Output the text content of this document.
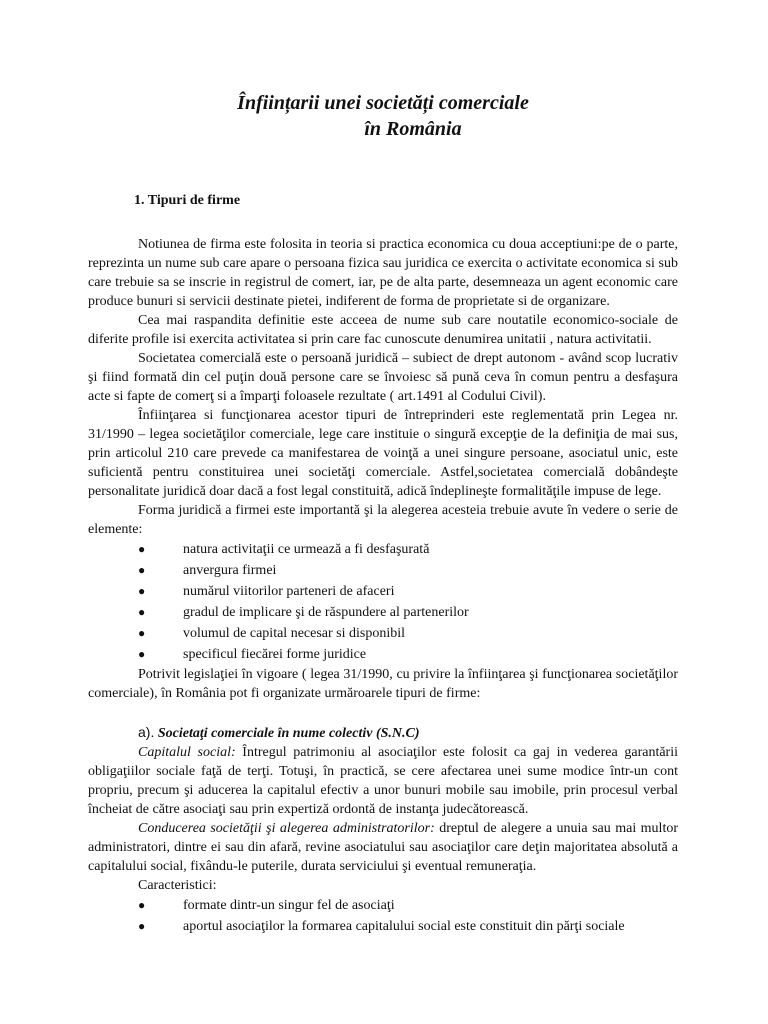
Înființarii unei societăți comerciale
în România
1. Tipuri de firme

Notiunea de firma este folosita in teoria si practica economica cu doua acceptiuni:pe de o parte, reprezinta un nume sub care apare o persoana fizica sau juridica ce exercita o activitate economica si sub care trebuie sa se inscrie in registrul de comert, iar, pe de alta parte, desemneaza un agent economic care produce bunuri si servicii destinate pietei, indiferent de forma de proprietate si de organizare.

Cea mai raspandita definitie este acceea de nume sub care noutatile economico-sociale de diferite profile isi exercita activitatea si prin care fac cunoscute denumirea unitatii , natura activitatii.

Societatea comercială este o persoană juridică – subiect de drept autonom - având scop lucrativ şi fiind formată din cel puţin două persone care se învoiesc să pună ceva în comun pentru a desfaşura acte si fapte de comerţ si a împarţi foloasele rezultate ( art.1491 al Codului Civil).

Înfiinţarea si funcţionarea acestor tipuri de întreprinderi este reglementată prin Legea nr. 31/1990 – legea societăţilor comerciale, lege care instituie o singură excepţie de la definiţia de mai sus, prin articolul 210 care prevede ca manifestarea de voinţă a unei singure persoane, asociatul unic, este suficientă pentru constituirea unei societăţi comerciale. Astfel,societatea comercială dobândeşte personalitate juridică doar dacă a fost legal constituită, adică îndeplineşte formalităţile impuse de lege.

Forma juridică a firmei este importantă şi la alegerea acesteia trebuie avute în vedere o serie de elemente:

●	natura activitaţii ce urmează a fi desfaşurată
●	anvergura firmei
●	numărul viitorilor parteneri de afaceri
●	gradul de implicare şi de răspundere al partenerilor
●	volumul de capital necesar si disponibil
●	specificul fiecărei forme juridice

Potrivit legislaţiei în vigoare ( legea 31/1990, cu privire la înfiinţarea şi funcţionarea societăţilor comerciale), în România pot fi organizate urmăroarele tipuri de firme:

a). Societaţi comerciale în nume colectiv (S.N.C)

Capitalul social: Întregul patrimoniu al asociaţilor este folosit ca gaj in vederea garantării obligaţiilor sociale faţă de terţi. Totuşi, în practică, se cere afectarea unei sume modice într-un cont propriu, precum şi aducerea la capitalul efectiv a unor bunuri mobile sau imobile, prin procesul verbal încheiat de către asociaţi sau prin expertiză ordontă de instanţa judecătorească.

Conducerea societăţii şi alegerea administratorilor: dreptul de alegere a unuia sau mai multor administratori, dintre ei sau din afară, revine asociatului sau asociaţilor care deţin majoritatea absolută a capitalului social, fixându-le puterile, durata serviciului şi eventual remuneraţia.

Caracteristici:

●	formate dintr-un singur fel de asociaţi
●	aportul asociaţilor la formarea capitalului social este constituit din părţi sociale
